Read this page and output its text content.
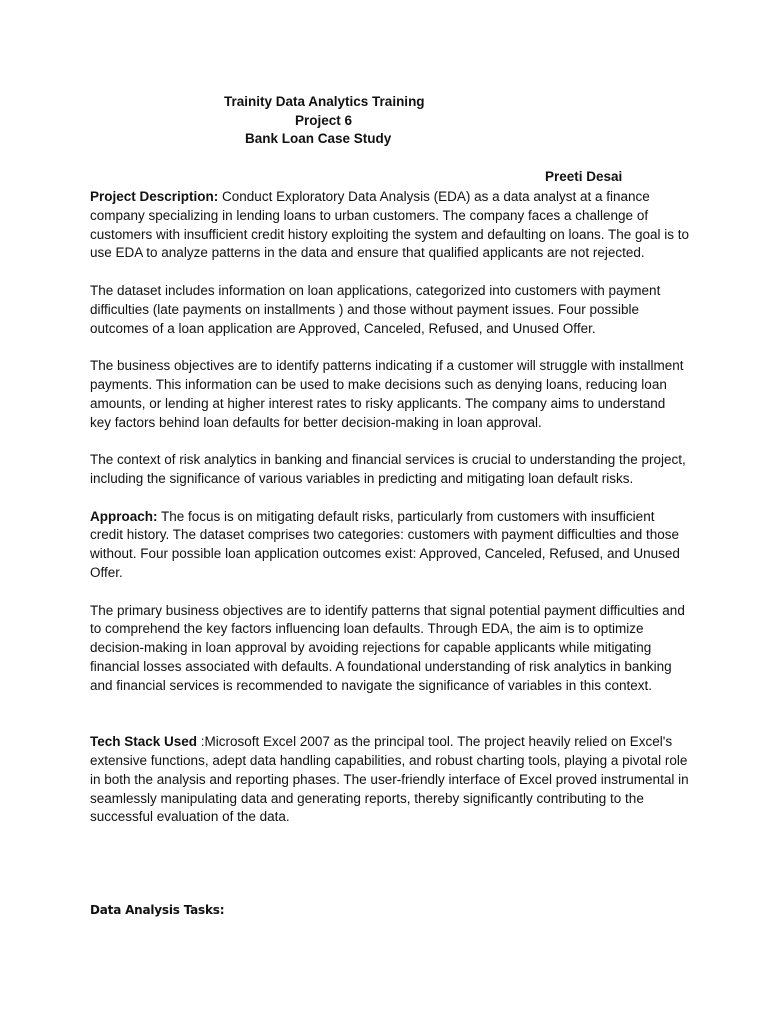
Trainity Data Analytics Training
Project 6
Bank Loan Case Study
Preeti Desai

Project Description: Conduct Exploratory Data Analysis (EDA) as a data analyst at a finance company specializing in lending loans to urban customers. The company faces a challenge of customers with insufficient credit history exploiting the system and defaulting on loans. The goal is to use EDA to analyze patterns in the data and ensure that qualified applicants are not rejected.

The dataset includes information on loan applications, categorized into customers with payment difficulties (late payments on installments ) and those without payment issues. Four possible outcomes of a loan application are Approved, Canceled, Refused, and Unused Offer.

The business objectives are to identify patterns indicating if a customer will struggle with installment payments. This information can be used to make decisions such as denying loans, reducing loan amounts, or lending at higher interest rates to risky applicants. The company aims to understand key factors behind loan defaults for better decision-making in loan approval.

The context of risk analytics in banking and financial services is crucial to understanding the project, including the significance of various variables in predicting and mitigating loan default risks.

Approach: The focus is on mitigating default risks, particularly from customers with insufficient credit history. The dataset comprises two categories: customers with payment difficulties and those without. Four possible loan application outcomes exist: Approved, Canceled, Refused, and Unused Offer.

The primary business objectives are to identify patterns that signal potential payment difficulties and to comprehend the key factors influencing loan defaults. Through EDA, the aim is to optimize decision-making in loan approval by avoiding rejections for capable applicants while mitigating financial losses associated with defaults. A foundational understanding of risk analytics in banking and financial services is recommended to navigate the significance of variables in this context.

Tech Stack Used :Microsoft Excel 2007 as the principal tool. The project heavily relied on Excel's extensive functions, adept data handling capabilities, and robust charting tools, playing a pivotal role in both the analysis and reporting phases. The user-friendly interface of Excel proved instrumental in seamlessly manipulating data and generating reports, thereby significantly contributing to the successful evaluation of the data.

Data Analysis Tasks:
